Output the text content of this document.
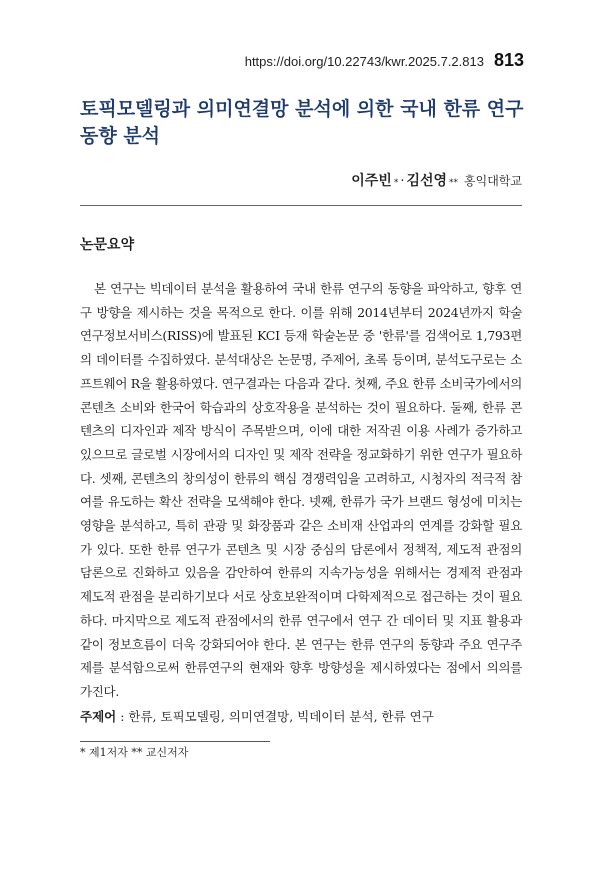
https://doi.org/10.22743/kwr.2025.7.2.813 813
토픽모델링과 의미연결망 분석에 의한 국내 한류 연구 동향 분석
이주빈 * · 김선영 ** 홍익대학교
논문요약

본 연구는 빅데이터 분석을 활용하여 국내 한류 연구의 동향을 파악하고, 향후 연구 방향을 제시하는 것을 목적으로 한다. 이를 위해 2014년부터 2024년까지 학술연구정보서비스(RISS)에 발표된 KCI 등재 학술논문 중 '한류'를 검색어로 1,793편의 데이터를 수집하였다. 분석대상은 논문명, 주제어, 초록 등이며, 분석도구로는 소프트웨어 R을 활용하였다. 연구결과는 다음과 같다. 첫째, 주요 한류 소비국가에서의 콘텐츠 소비와 한국어 학습과의 상호작용을 분석하는 것이 필요하다. 둘째, 한류 콘텐츠의 디자인과 제작 방식이 주목받으며, 이에 대한 저작권 이용 사례가 증가하고 있으므로 글로벌 시장에서의 디자인 및 제작 전략을 정교화하기 위한 연구가 필요하다. 셋째, 콘텐츠의 창의성이 한류의 핵심 경쟁력임을 고려하고, 시청자의 적극적 참여를 유도하는 확산 전략을 모색해야 한다. 넷째, 한류가 국가 브랜드 형성에 미치는 영향을 분석하고, 특히 관광 및 화장품과 같은 소비재 산업과의 연계를 강화할 필요가 있다. 또한 한류 연구가 콘텐츠 및 시장 중심의 담론에서 정책적, 제도적 관점의 담론으로 진화하고 있음을 감안하여 한류의 지속가능성을 위해서는 경제적 관점과 제도적 관점을 분리하기보다 서로 상호보완적이며 다학제적으로 접근하는 것이 필요하다. 마지막으로 제도적 관점에서의 한류 연구에서 연구 간 데이터 및 지표 활용과 같이 정보흐름이 더욱 강화되어야 한다. 본 연구는 한류 연구의 동향과 주요 연구주제를 분석함으로써 한류연구의 현재와 향후 방향성을 제시하였다는 점에서 의의를 가진다.

주제어 : 한류, 토픽모델링, 의미연결망, 빅데이터 분석, 한류 연구
* 제1저자 ** 교신저자
